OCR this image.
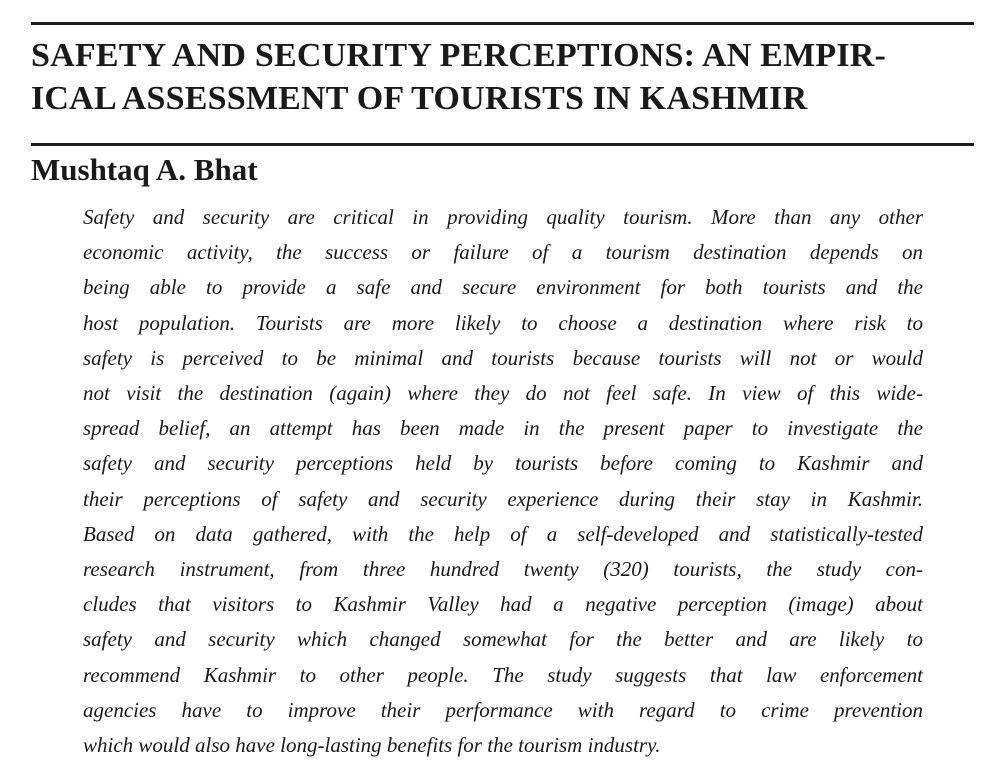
SAFETY AND SECURITY PERCEPTIONS: AN EMPIR-
ICAL ASSESSMENT OF TOURISTS IN KASHMIR
Mushtaq A. Bhat
Safety and security are critical in providing quality tourism. More than any other
economic activity, the success or failure of a tourism destination depends on
being able to provide a safe and secure environment for both tourists and the
host population. Tourists are more likely to choose a destination where risk to
safety is perceived to be minimal and tourists because tourists will not or would
not visit the destination (again) where they do not feel safe. In view of this wide-
spread belief, an attempt has been made in the present paper to investigate the
safety and security perceptions held by tourists before coming to Kashmir and
their perceptions of safety and security experience during their stay in Kashmir.
Based on data gathered, with the help of a self-developed and statistically-tested
research instrument, from three hundred twenty (320) tourists, the study con-
cludes that visitors to Kashmir Valley had a negative perception (image) about
safety and security which changed somewhat for the better and are likely to
recommend Kashmir to other people. The study suggests that law enforcement
agencies have to improve their performance with regard to crime prevention
which would also have long-lasting benefits for the tourism industry.
